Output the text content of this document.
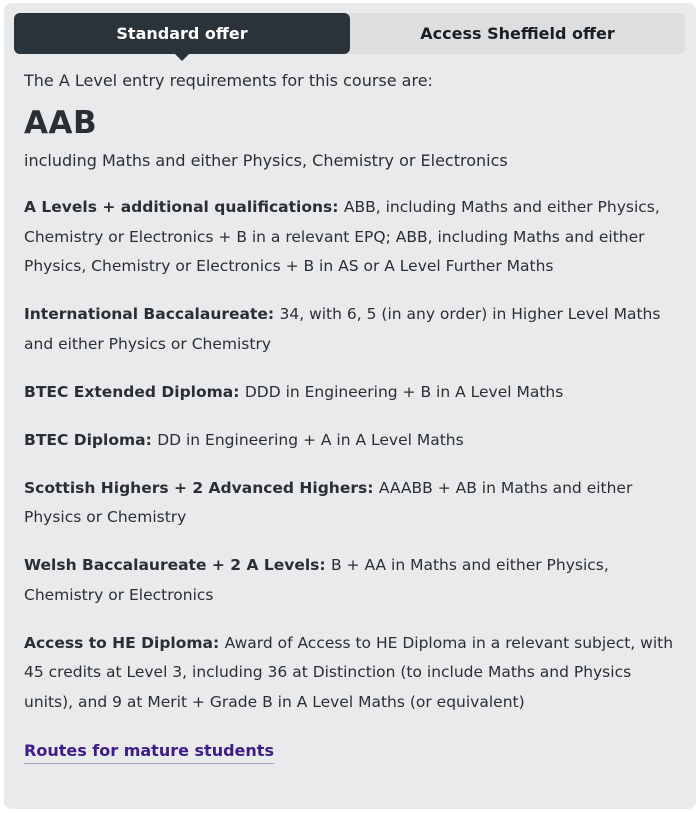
Standard offer	Access Sheffield offer

The A Level entry requirements for this course are:

AAB

including Maths and either Physics, Chemistry or Electronics

A Levels + additional qualifications: ABB, including Maths and either Physics, Chemistry or Electronics + B in a relevant EPQ; ABB, including Maths and either Physics, Chemistry or Electronics + B in AS or A Level Further Maths

International Baccalaureate: 34, with 6, 5 (in any order) in Higher Level Maths and either Physics or Chemistry

BTEC Extended Diploma: DDD in Engineering + B in A Level Maths

BTEC Diploma: DD in Engineering + A in A Level Maths

Scottish Highers + 2 Advanced Highers: AAABB + AB in Maths and either Physics or Chemistry

Welsh Baccalaureate + 2 A Levels: B + AA in Maths and either Physics, Chemistry or Electronics

Access to HE Diploma: Award of Access to HE Diploma in a relevant subject, with 45 credits at Level 3, including 36 at Distinction (to include Maths and Physics units), and 9 at Merit + Grade B in A Level Maths (or equivalent)

Routes for mature students
